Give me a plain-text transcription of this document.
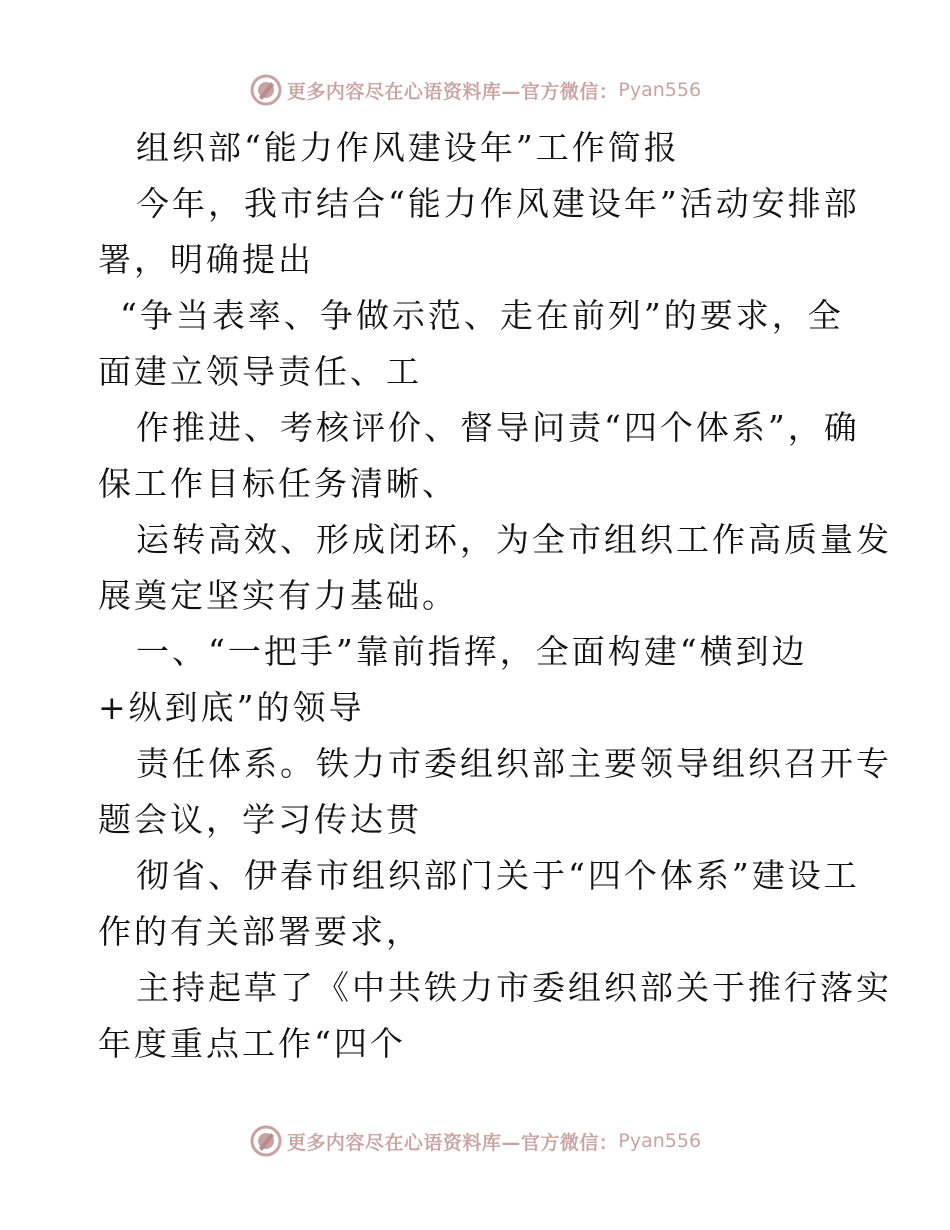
更多内容尽在心语资料库—官方微信： Pyan556
组织部“能力作风建设年”工作简报
今年，我市结合“能力作风建设年”活动安排部
署，明确提出
“争当表率、争做示范、走在前列”的要求，全
面建立领导责任、工
作推进、考核评价、督导问责“四个体系”，确
保工作目标任务清晰、
运转高效、形成闭环，为全市组织工作高质量发
展奠定坚实有力基础。
一、“一把手”靠前指挥，全面构建“横到边
+纵到底”的领导
责任体系。铁力市委组织部主要领导组织召开专
题会议，学习传达贯
彻省、伊春市组织部门关于“四个体系”建设工
作的有关部署要求，
主持起草了《中共铁力市委组织部关于推行落实
年度重点工作“四个
更多内容尽在心语资料库—官方微信： Pyan556
